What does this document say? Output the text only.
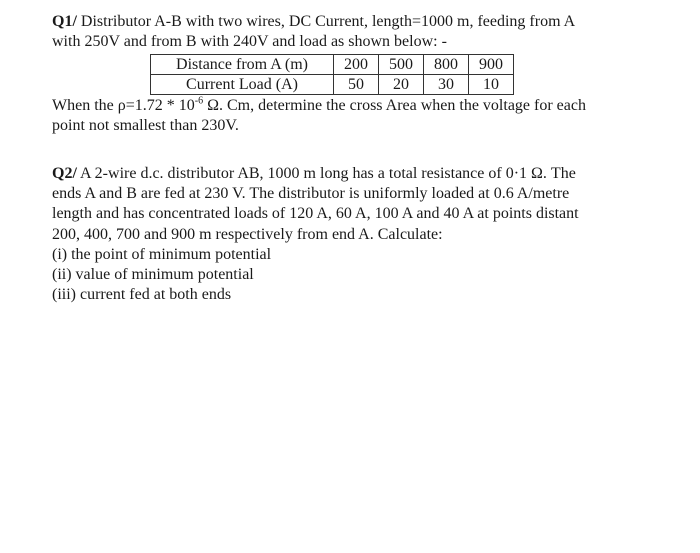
Q1/ Distributor A-B with two wires, DC Current, length=1000 m, feeding from A
with 250V and from B with 240V and load as shown below: -
Distance from A (m)	200	500	800	900
Current Load (A)	50	20	30	10
When the $\rho=1.72 * 10^{-6}$ Ω. Cm, determine the cross Area when the voltage for each
point not smallest than 230V.
Q2/ A 2-wire d.c. distributor AB, 1000 m long has a total resistance of 0·1 Ω. The
ends A and B are fed at 230 V. The distributor is uniformly loaded at 0.6 A/metre
length and has concentrated loads of 120 A, 60 A, 100 A and 40 A at points distant
200, 400, 700 and 900 m respectively from end A. Calculate:
(i) the point of minimum potential
(ii) value of minimum potential
(iii) current fed at both ends
